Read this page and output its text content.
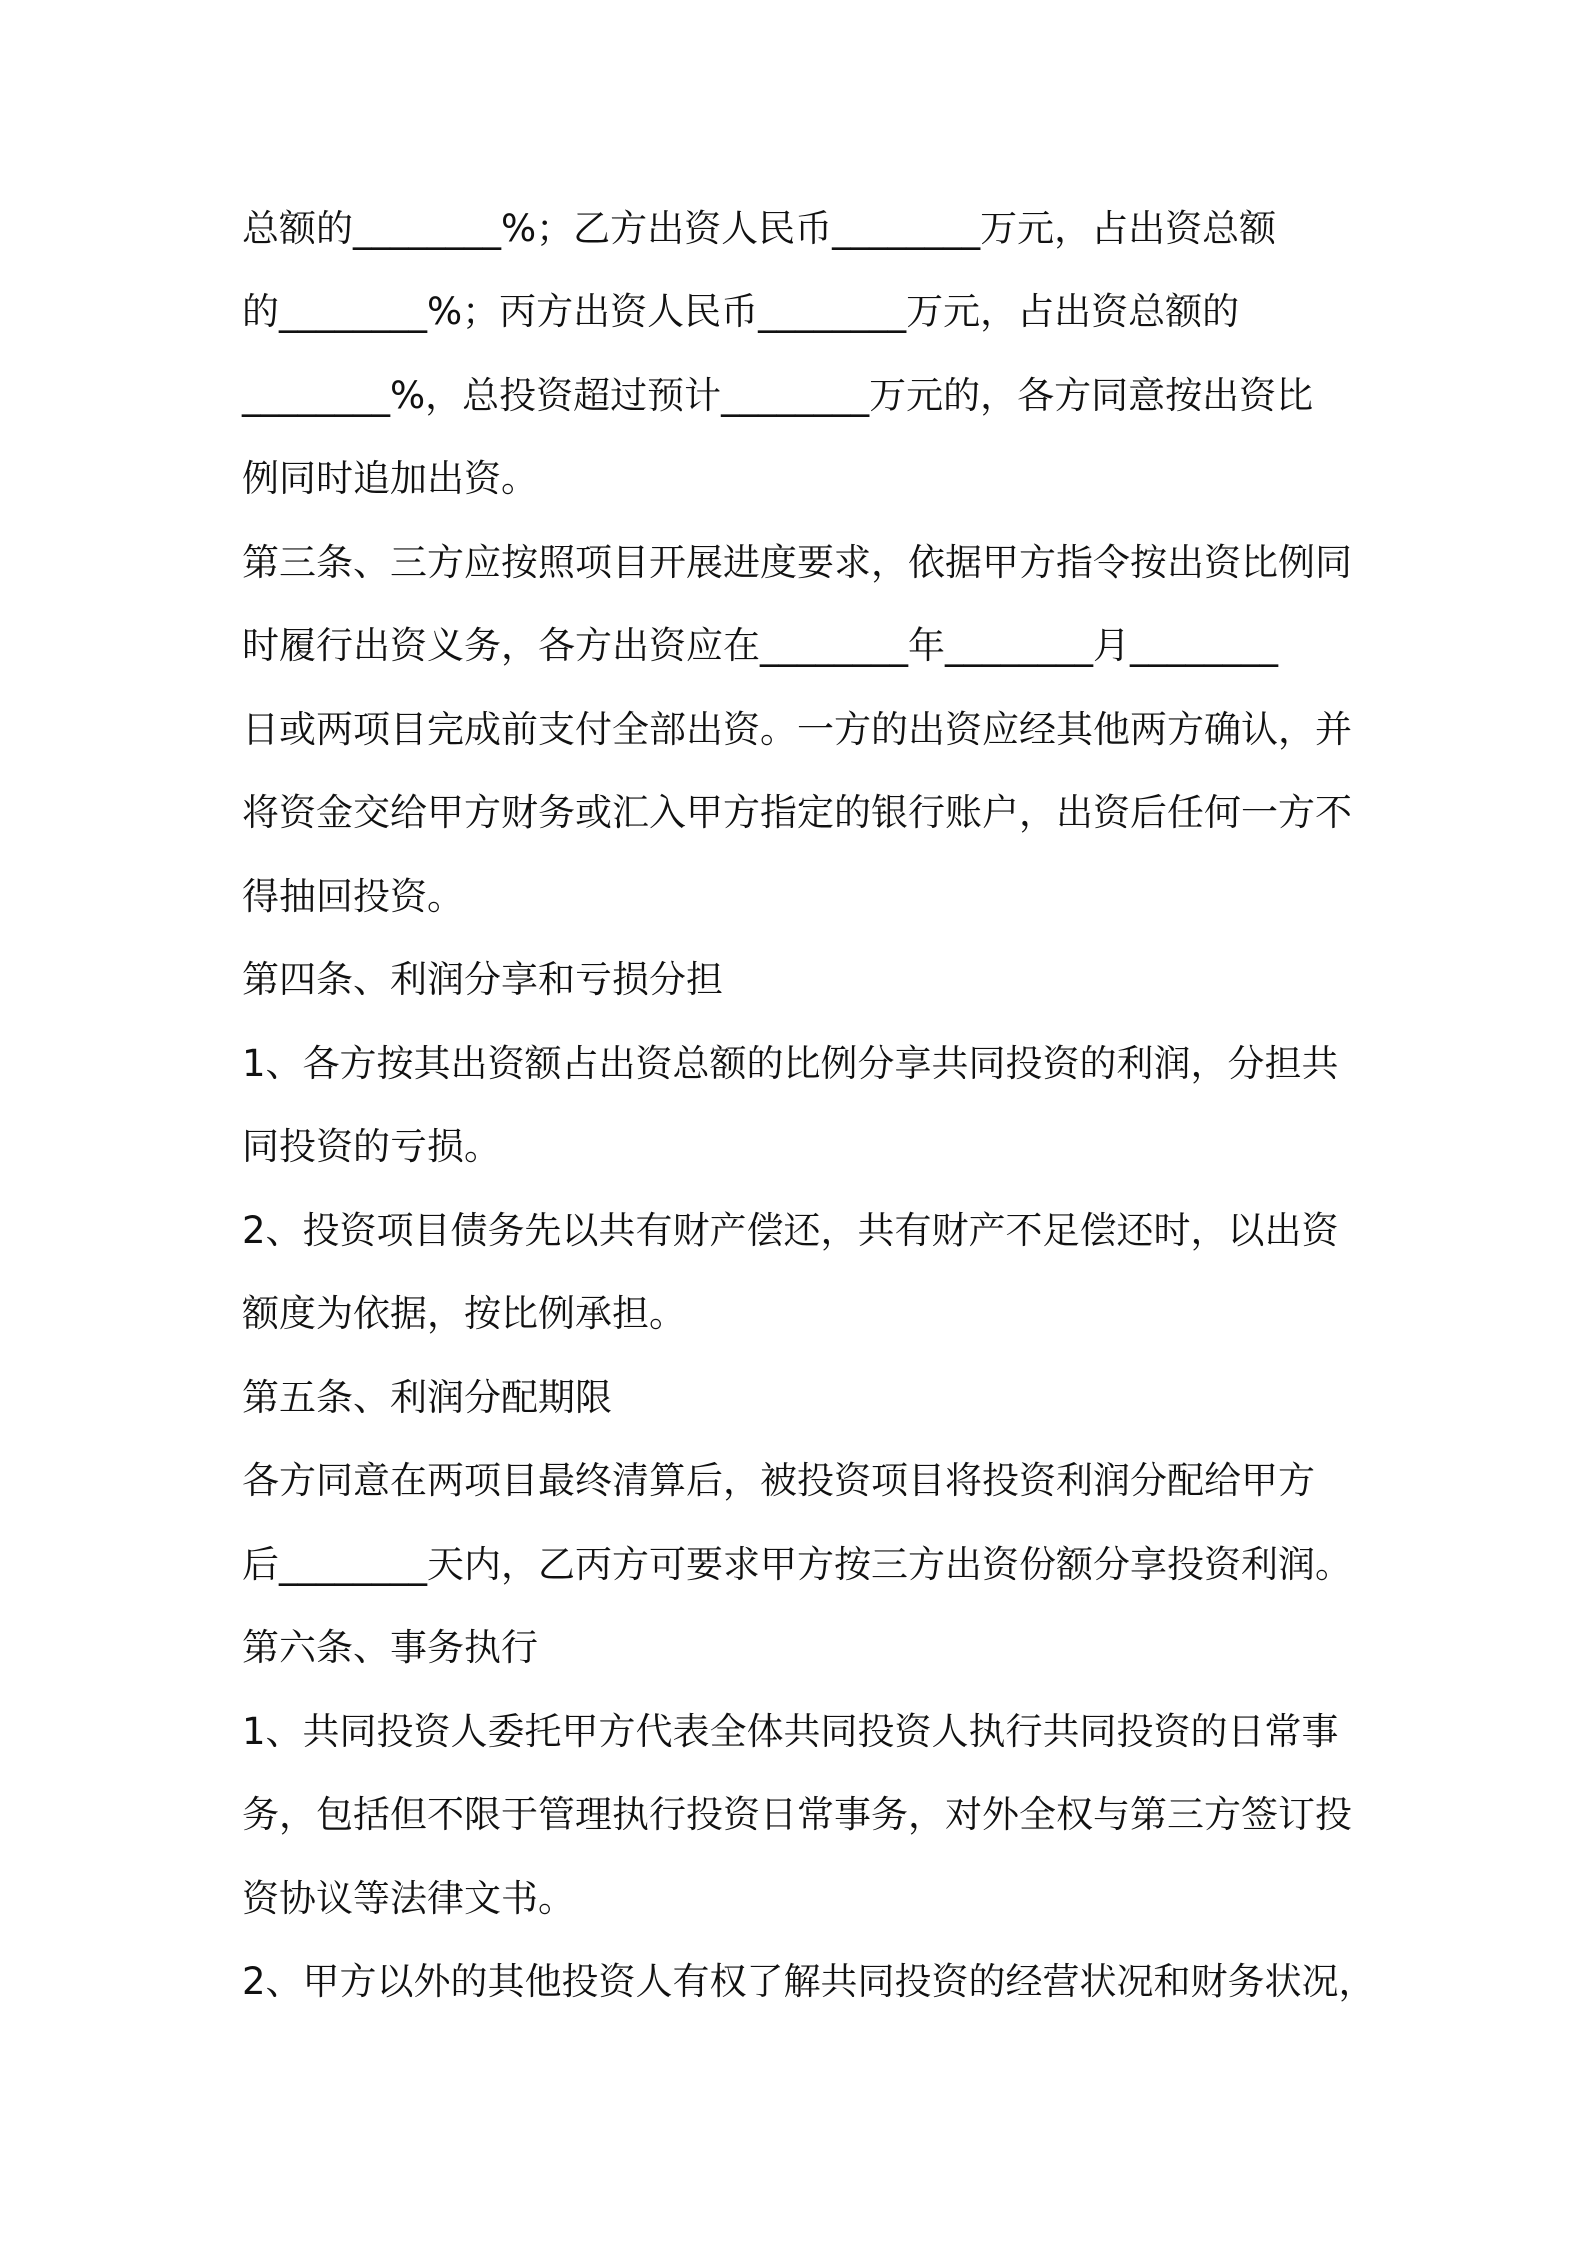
总额的________%；乙方出资人民币________万元，占出资总额
的________%；丙方出资人民币________万元，占出资总额的
________%，总投资超过预计________万元的，各方同意按出资比
例同时追加出资。
第三条、三方应按照项目开展进度要求，依据甲方指令按出资比例同
时履行出资义务，各方出资应在________年________月________
日或两项目完成前支付全部出资。一方的出资应经其他两方确认，并
将资金交给甲方财务或汇入甲方指定的银行账户，出资后任何一方不
得抽回投资。
第四条、利润分享和亏损分担
1、各方按其出资额占出资总额的比例分享共同投资的利润，分担共
同投资的亏损。
2、投资项目债务先以共有财产偿还，共有财产不足偿还时，以出资
额度为依据，按比例承担。
第五条、利润分配期限
各方同意在两项目最终清算后，被投资项目将投资利润分配给甲方
后________天内，乙丙方可要求甲方按三方出资份额分享投资利润。
第六条、事务执行
1、共同投资人委托甲方代表全体共同投资人执行共同投资的日常事
务，包括但不限于管理执行投资日常事务，对外全权与第三方签订投
资协议等法律文书。
2、甲方以外的其他投资人有权了解共同投资的经营状况和财务状况，
